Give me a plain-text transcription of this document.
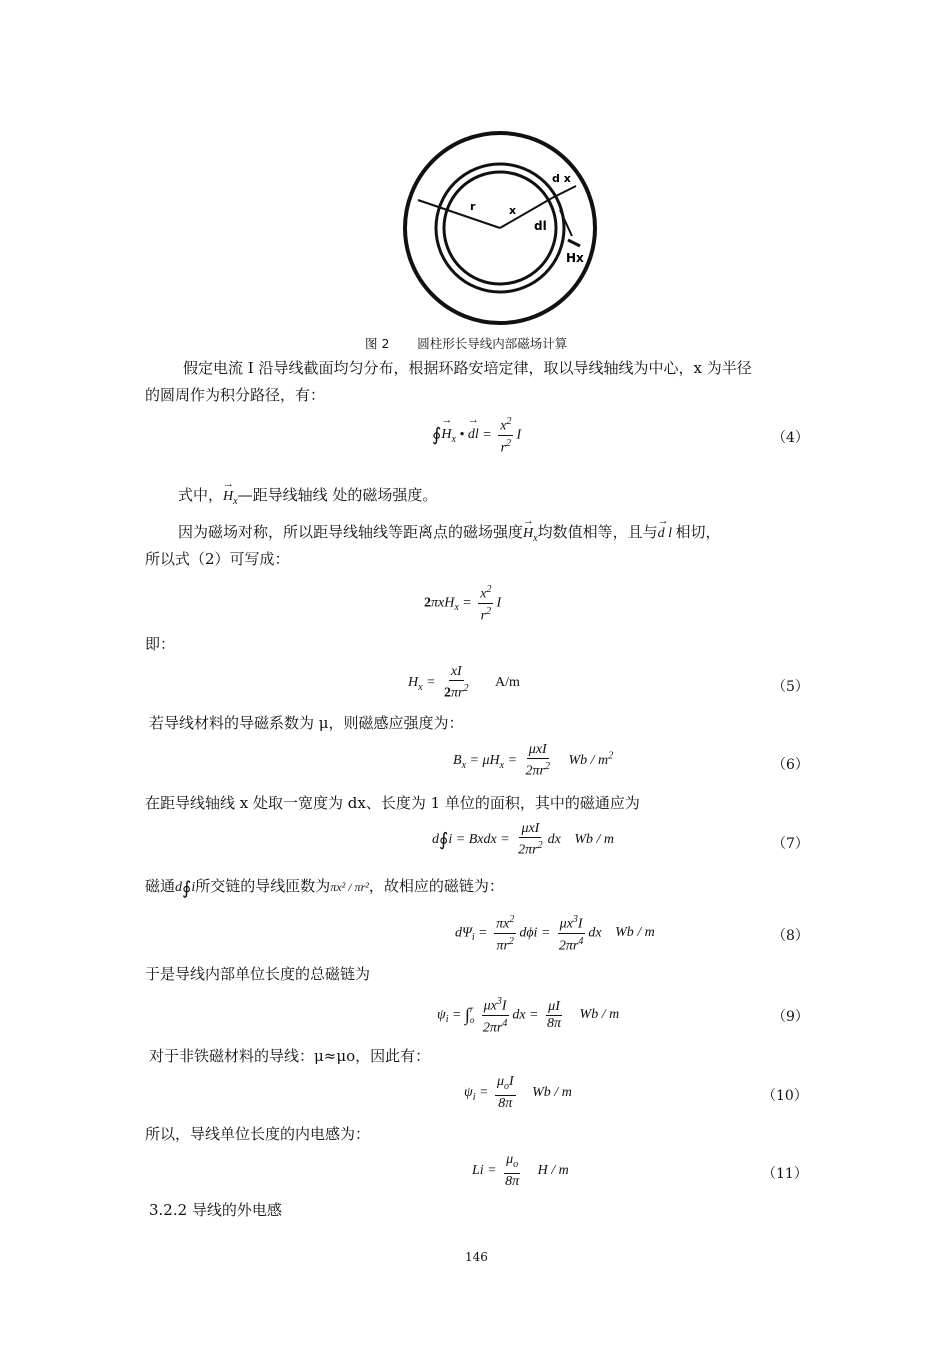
r	x
d x
dl
Hx
图 2 圆柱形长导线内部磁场计算
假定电流 I 沿导线截面均匀分布，根据环路安培定律，取以导线轴线为中心，x 为半径
的圆周作为积分路径，有：
∮→ $H_x$ • → dl = $\frac{x^2}{r^2}$ I	（4）
式中，→ $H_x—$距导线轴线 处的磁场强度。
因为磁场对称，所以距导线轴线等距离点的磁场强度→ $H_x$均数值相等，且与→ d l 相切，
所以式（2）可写成：
$2\pi xH_x = \frac{x^2}{r^2}$ I
即：
$H_x = \frac{xI}{2\pi r^2} A/m$	（5）
若导线材料的导磁系数为 μ，则磁感应强度为：
$B_x = \mu H_x = \frac{\text{μxI}}{2\pi r^2}$ Wb / $m^2$
（6）
在距导线轴线 x 处取一宽度为 dx、长度为 1 单位的面积，其中的磁通应为
d∮i = Bxdx = $\frac{\text{μxI}}{2\pi r^2}$ dx Wb / m	（7）
磁通d∮i所交链的导线匝数为πx² / πr²，故相应的磁链为：
$d\Psi_i = \frac{\pi x^2}{\pi r^2}$ $d\phi i = \frac{\mu x^3I}{2\pi r^4}$ dx Wb / m	（8）
于是导线内部单位长度的总磁链为
$\psi_i$ = ∫ r
o
$\frac{\mu x^3I}{2\pi r^4}$ dx = $\frac{\mu I}{8\pi}$ Wb / m	（9）
对于非铁磁材料的导线：μ≈μo，因此有：
$\psi_i = \frac{\mu_oI}{8\pi}$ Wb / m	（10）
所以，导线单位长度的内电感为：
$Li = \frac{\mu_o}{8\pi}$ H / m	（11）
3.2.2 导线的外电感
146
